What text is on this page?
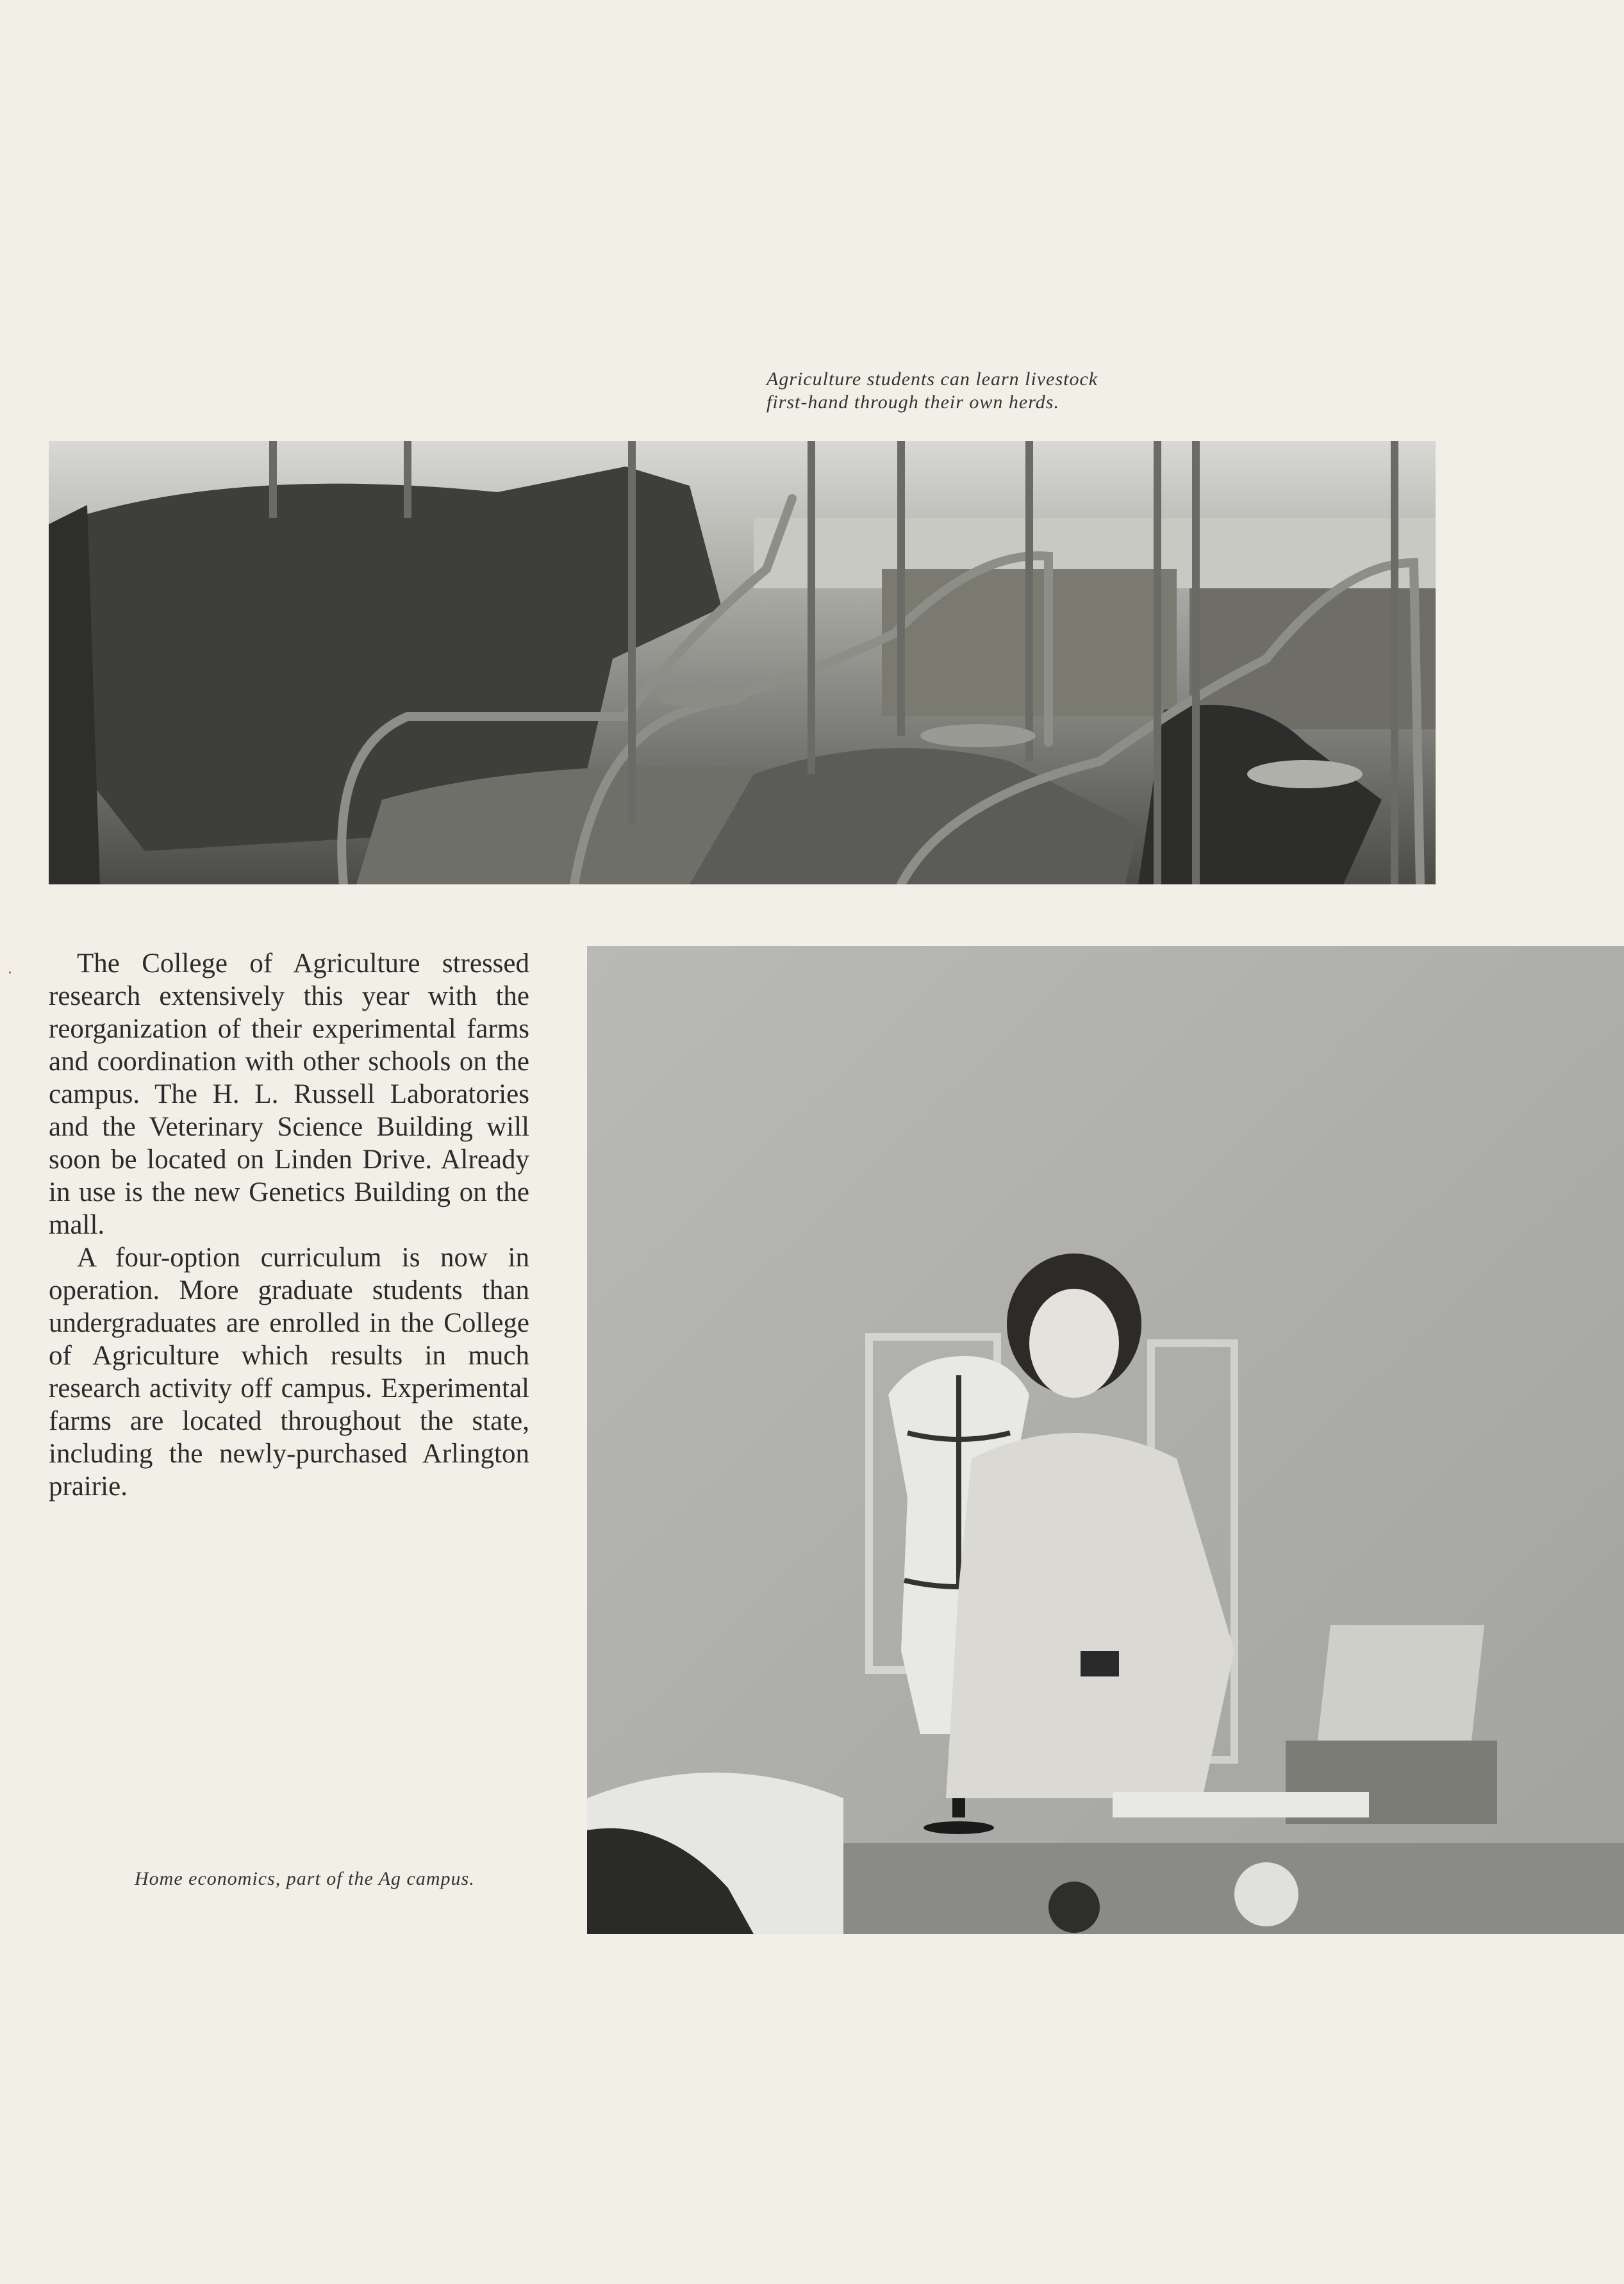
Agriculture students can learn livestock
first-hand through their own herds.

The College of Agriculture stressed research extensively this year with the reorganization of their experimental farms and coordination with other schools on the campus. The H. L. Russell Laboratories and the Veterinary Science Building will soon be located on Linden Drive. Already in use is the new Genetics Building on the mall.

A four-option curriculum is now in operation. More graduate students than undergraduates are enrolled in the College of Agriculture which results in much research activity off campus. Experimental farms are located throughout the state, including the newly-purchased Arlington prairie.

Home economics, part of the Ag campus.
